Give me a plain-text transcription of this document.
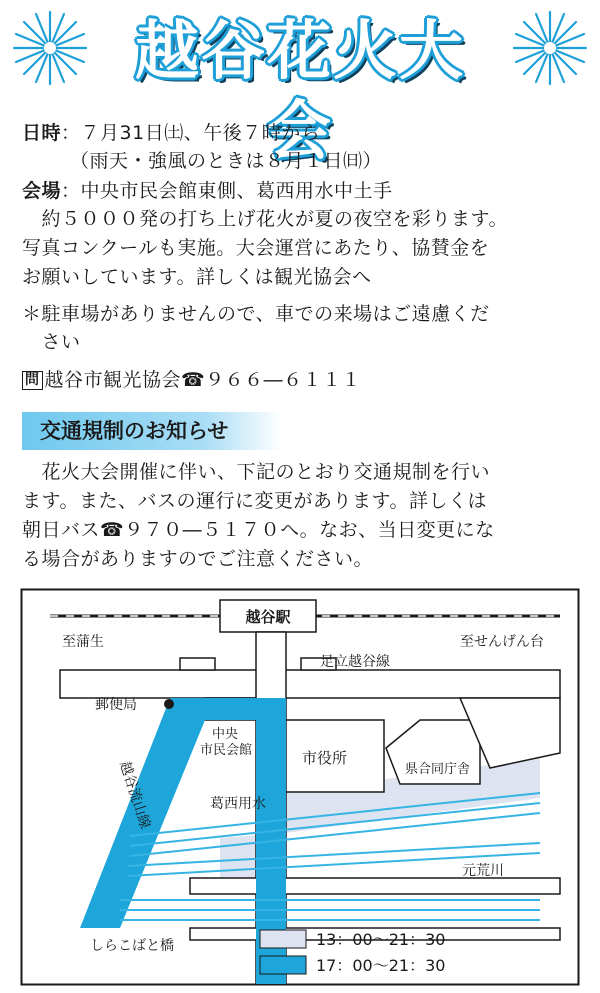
越谷花火大会
日時：７月31日㈯、午後７時から
（雨天・強風のときは８月１日㈰）
会場：中央市民会館東側、葛西用水中土手
　約５０００発の打ち上げ花火が夏の夜空を彩ります。
写真コンクールも実施。大会運営にあたり、協賛金を
お願いしています。詳しくは観光協会へ
＊駐車場がありませんので、車での来場はご遠慮くだ
　さい
問 越谷市観光協会☎９６６―６１１１
交通規制のお知らせ
　花火大会開催に伴い、下記のとおり交通規制を行い
ます。また、バスの運行に変更があります。詳しくは
朝日バス☎９７０―５１７０へ。なお、当日変更にな
る場合がありますのでご注意ください。
越谷駅
至蒲生	至せんげん台
足立越谷線
郵便局
中央
市民会館	市役所
県合同庁舎
葛西用水
元荒川
しらこばと橋
越谷流山線
13：00～21：30
17：00～21：30
